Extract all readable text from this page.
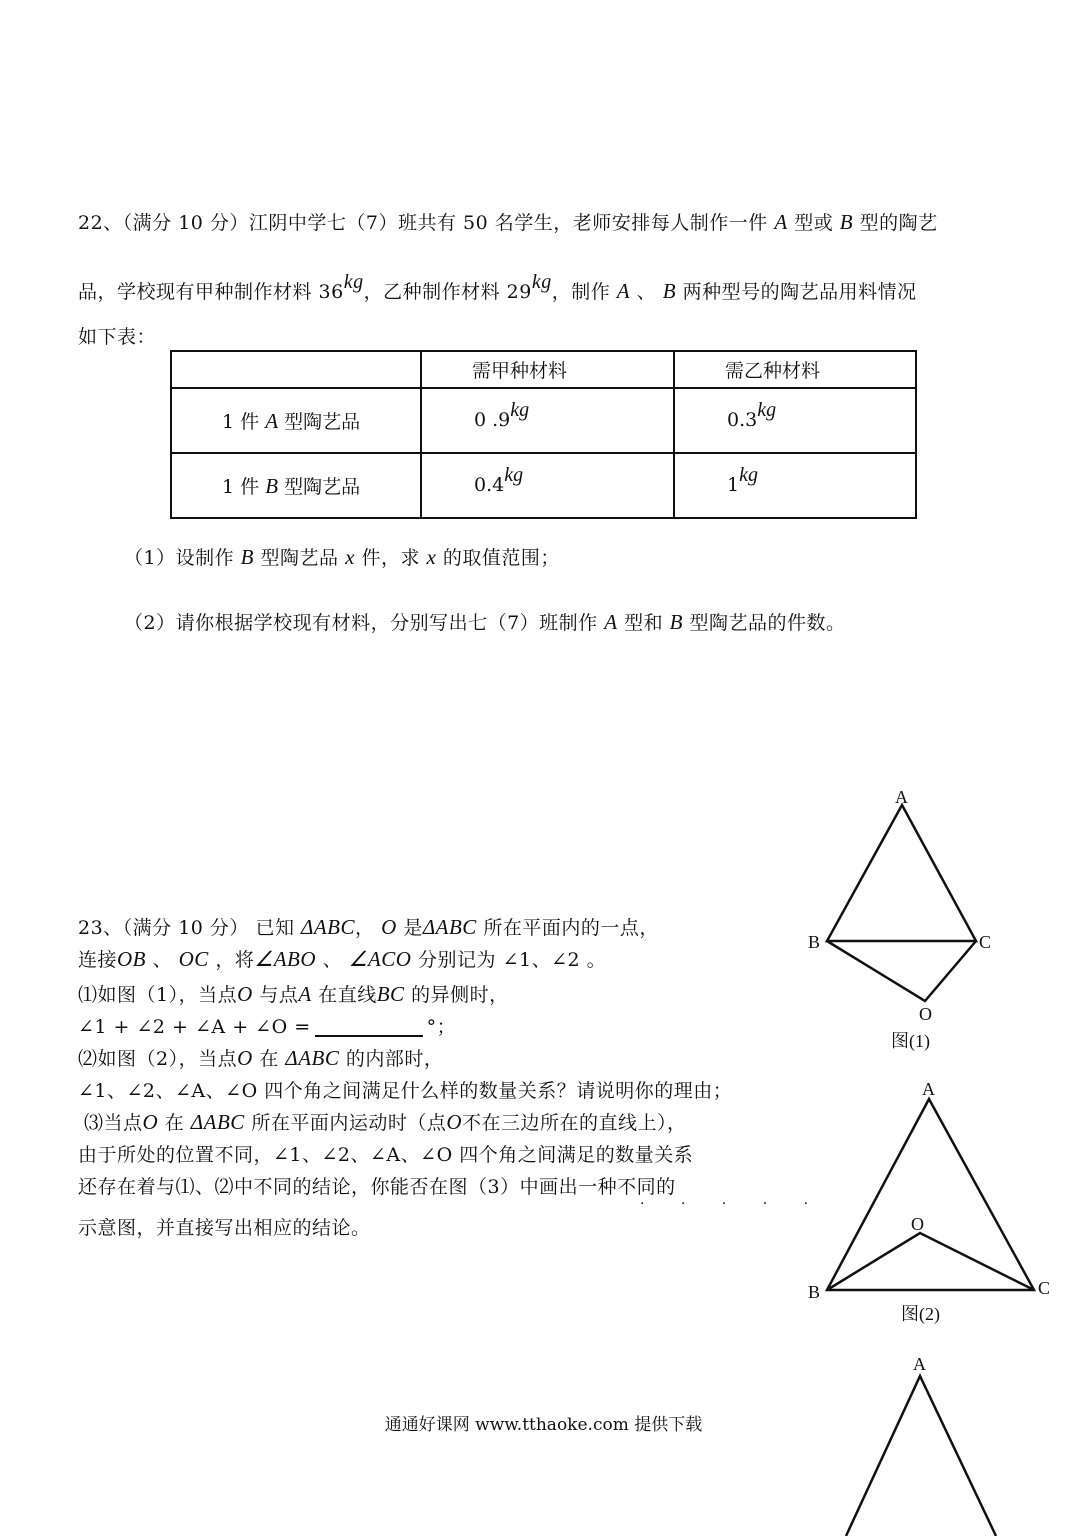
22、（满分 10 分）江阴中学七（7）班共有 50 名学生，老师安排每人制作一件 A 型或 B 型的陶艺
品，学校现有甲种制作材料 36kg，乙种制作材料 29kg，制作 A 、 B 两种型号的陶艺品用料情况
如下表：
	需甲种材料	需乙种材料
1 件 A 型陶艺品	0 .9kg	0.3kg
1 件 B 型陶艺品	0.4kg	1kg
（1）设制作 B 型陶艺品 x 件，求 x 的取值范围；
（2）请你根据学校现有材料，分别写出七（7）班制作 A 型和 B 型陶艺品的件数。
23、（满分 10 分） 已知 ΔABC， O 是ΔABC 所在平面内的一点，
连接OB 、 OC ，将∠ABO 、 ∠ACO 分别记为 ∠1、∠2 。
⑴如图（1），当点O 与点A 在直线BC 的异侧时，
∠1 + ∠2 + ∠A + ∠O =	°；
⑵如图（2），当点O 在 ΔABC 的内部时，
∠1、∠2、∠A、∠O 四个角之间满足什么样的数量关系？请说明你的理由；
⑶当点O 在 ΔABC 所在平面内运动时（点O不在三边所在的直线上），
由于所处的位置不同，∠1、∠2、∠A、∠O 四个角之间满足的数量关系
还存在着与⑴、⑵中不同的结论，你能否在图（3）中画出一种不同的
· · · · ·
示意图，并直接写出相应的结论。
A
B	C
O
图(1)
A
B	C
O
图(2)
A
通通好课网 www.tthaoke.com 提供下载
